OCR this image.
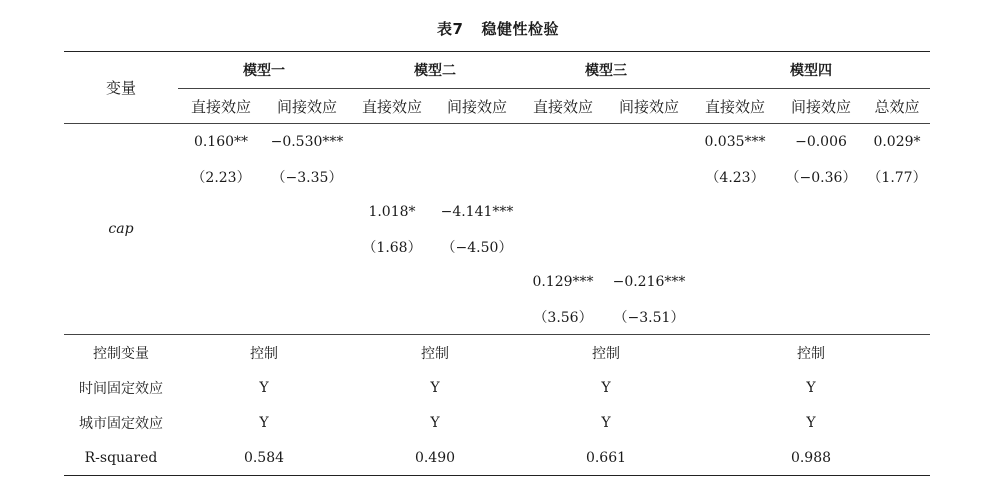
表7 稳健性检验

变量	模型一		模型二		模型三		模型四		
	直接效应	间接效应	直接效应	间接效应	直接效应	间接效应	直接效应	间接效应	总效应
cap	0.160**	−0.530***					0.035***	−0.006	0.029*
	（2.23）	（−3.35）					（4.23）	（−0.36）	（1.77）
			1.018*	−4.141***					
			（1.68）	（−4.50）					
					0.129***	−0.216***			
					（3.56）	（−3.51）			

控制变量	控制		控制		控制		控制		
时间固定效应	Y		Y		Y		Y		
城市固定效应	Y		Y		Y		Y		
R-squared	0.584		0.490		0.661		0.988		
